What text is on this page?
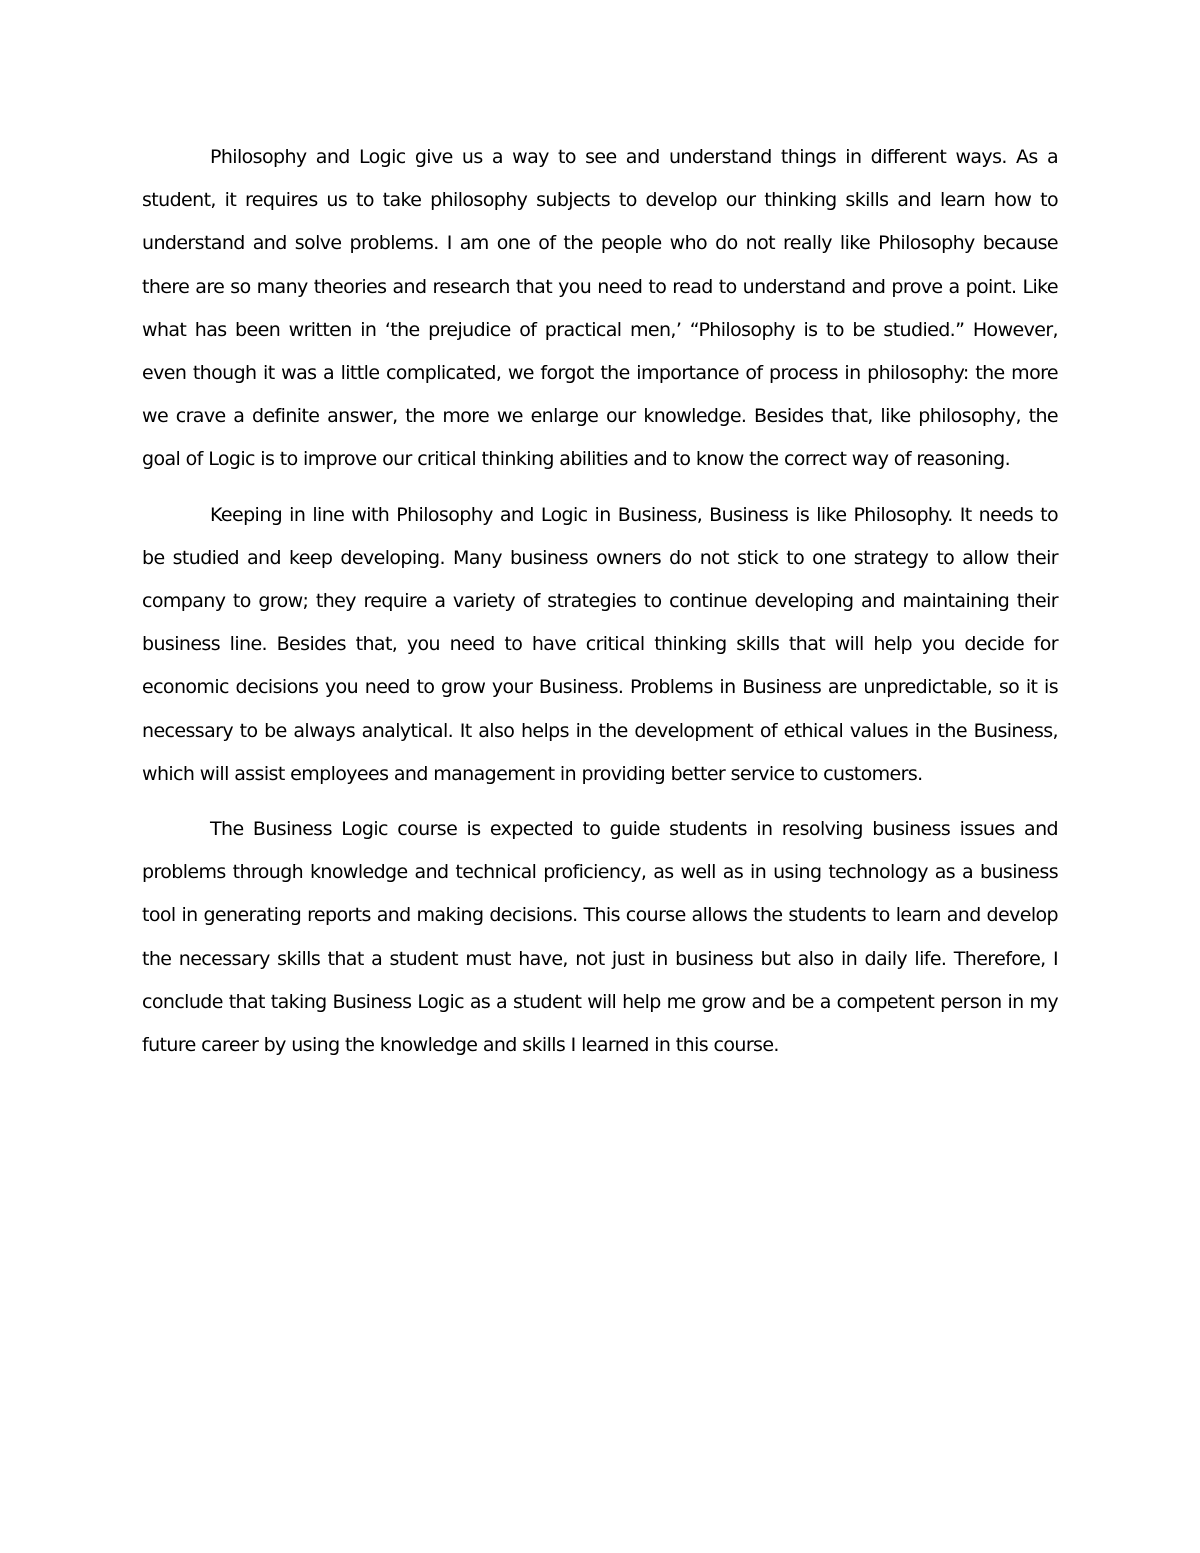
Philosophy and Logic give us a way to see and understand things in different ways. As a student, it requires us to take philosophy subjects to develop our thinking skills and learn how to understand and solve problems. I am one of the people who do not really like Philosophy because there are so many theories and research that you need to read to understand and prove a point. Like what has been written in ‘the prejudice of practical men,’ “Philosophy is to be studied.” However, even though it was a little complicated, we forgot the importance of process in philosophy: the more we crave a definite answer, the more we enlarge our knowledge. Besides that, like philosophy, the goal of Logic is to improve our critical thinking abilities and to know the correct way of reasoning.

Keeping in line with Philosophy and Logic in Business, Business is like Philosophy. It needs to be studied and keep developing. Many business owners do not stick to one strategy to allow their company to grow; they require a variety of strategies to continue developing and maintaining their business line. Besides that, you need to have critical thinking skills that will help you decide for economic decisions you need to grow your Business. Problems in Business are unpredictable, so it is necessary to be always analytical. It also helps in the development of ethical values in the Business, which will assist employees and management in providing better service to customers.

The Business Logic course is expected to guide students in resolving business issues and problems through knowledge and technical proficiency, as well as in using technology as a business tool in generating reports and making decisions. This course allows the students to learn and develop the necessary skills that a student must have, not just in business but also in daily life. Therefore, I conclude that taking Business Logic as a student will help me grow and be a competent person in my future career by using the knowledge and skills I learned in this course.
